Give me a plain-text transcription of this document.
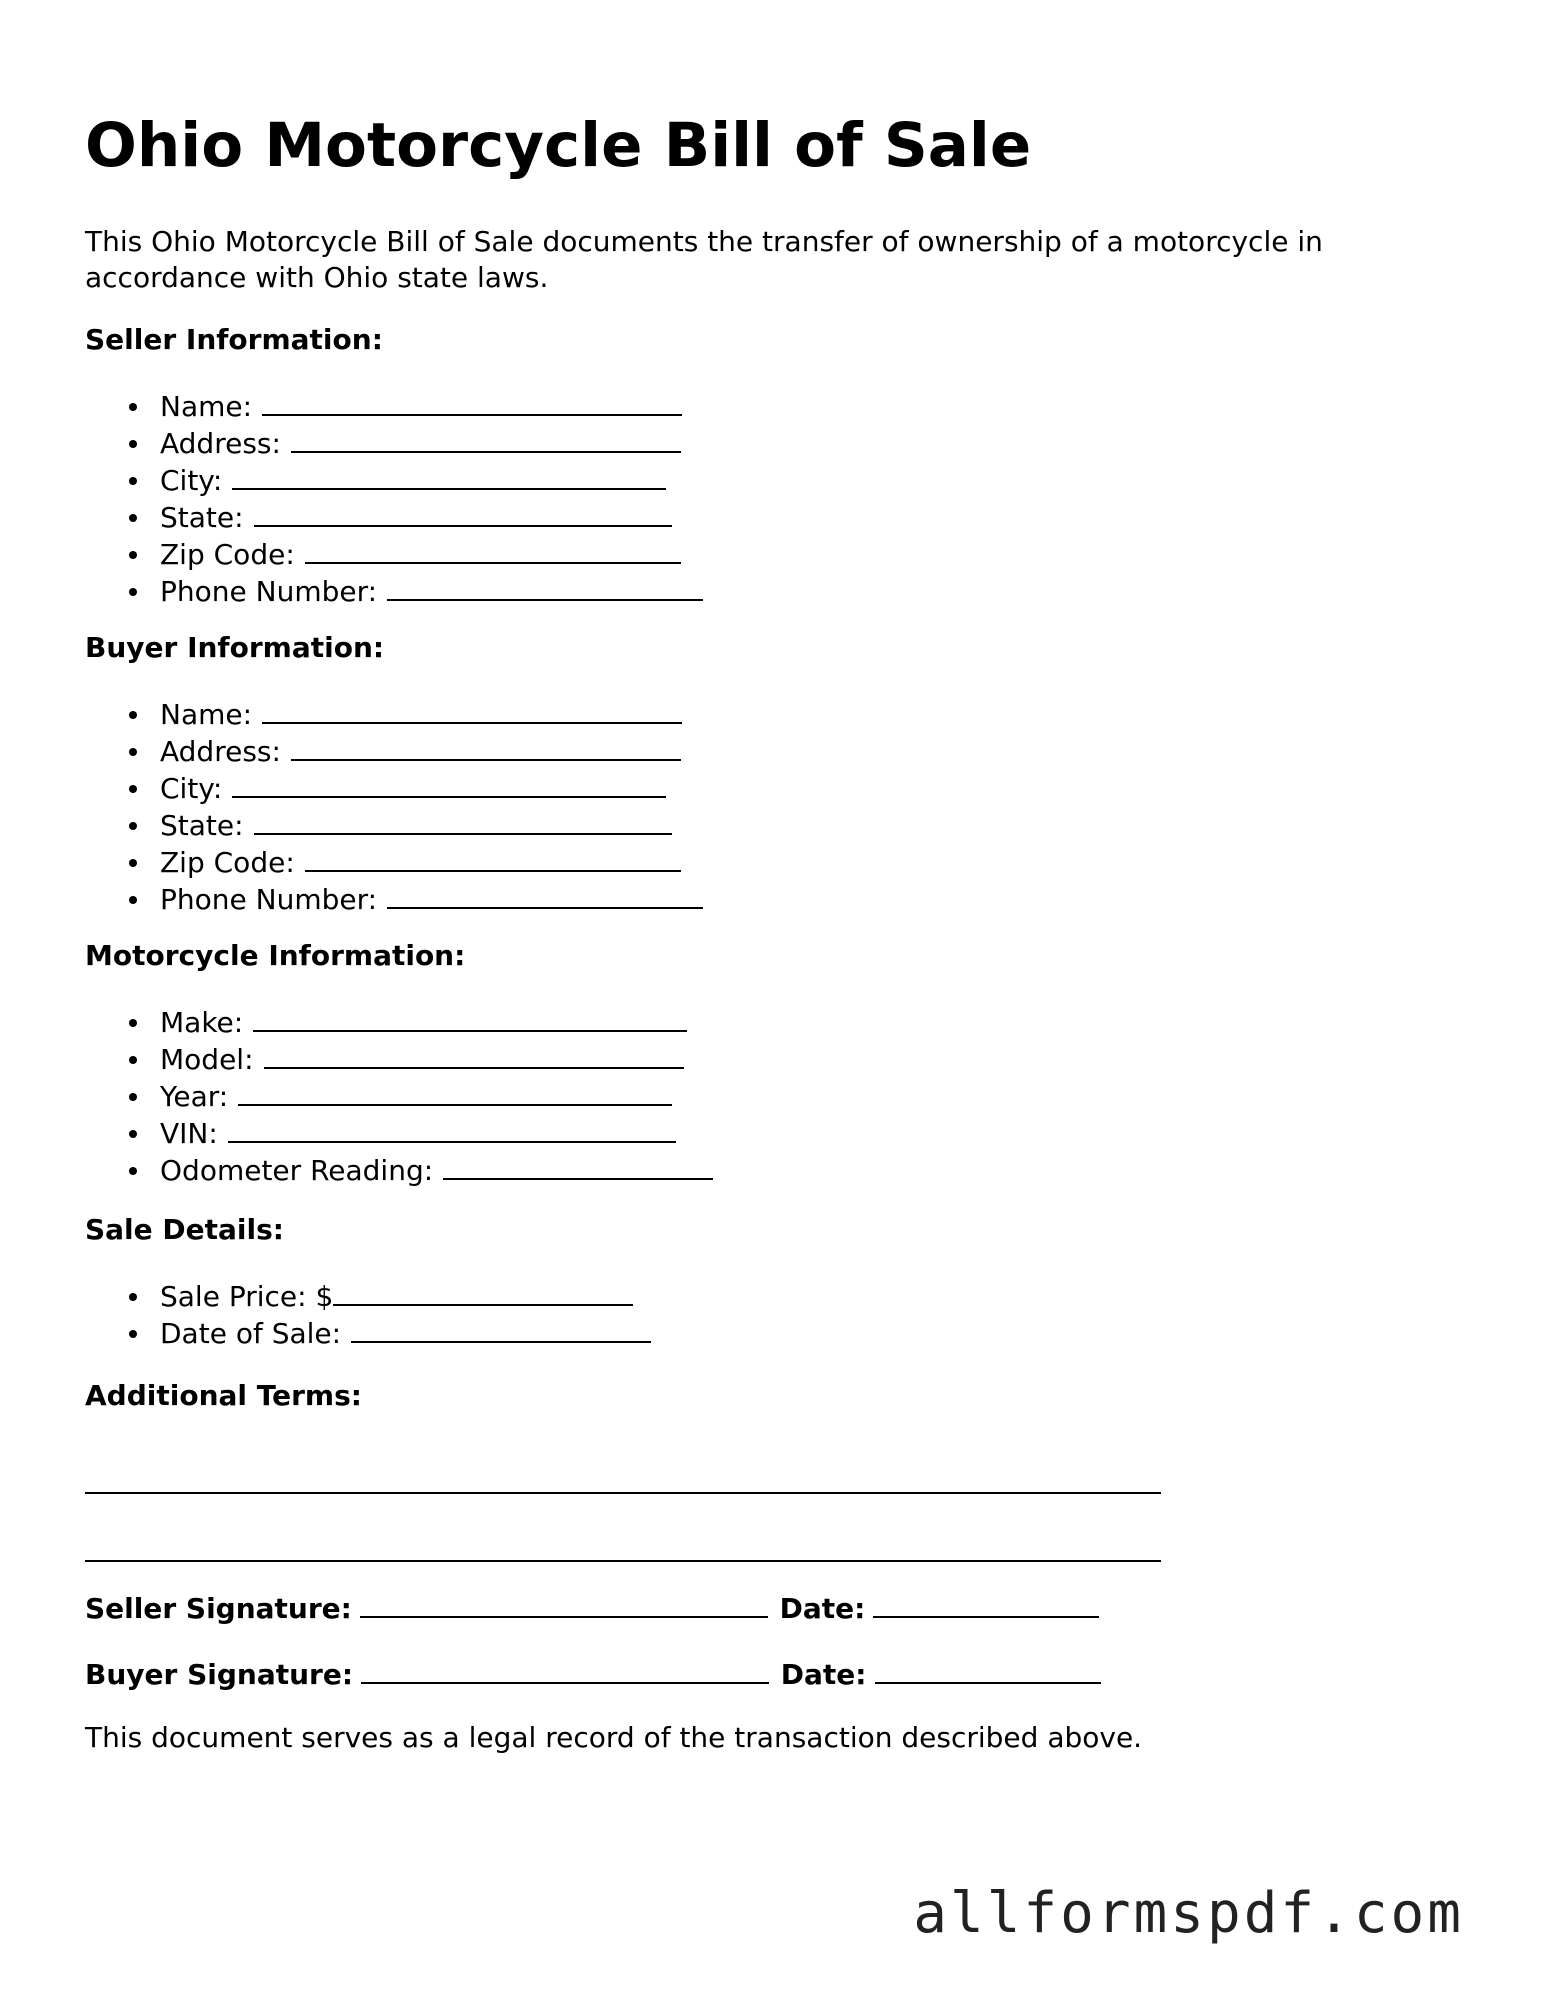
Ohio Motorcycle Bill of Sale

This Ohio Motorcycle Bill of Sale documents the transfer of ownership of a motorcycle in accordance with Ohio state laws.

Seller Information:
Name:
Address:
City:
State:
Zip Code:
Phone Number:
Buyer Information:
Name:
Address:
City:
State:
Zip Code:
Phone Number:
Motorcycle Information:
Make:
Model:
Year:
VIN:
Odometer Reading:
Sale Details:
Sale Price: $
Date of Sale:
Additional Terms:
Seller Signature:	Date:
Buyer Signature:	Date:

This document serves as a legal record of the transaction described above.

allformspdf.com
